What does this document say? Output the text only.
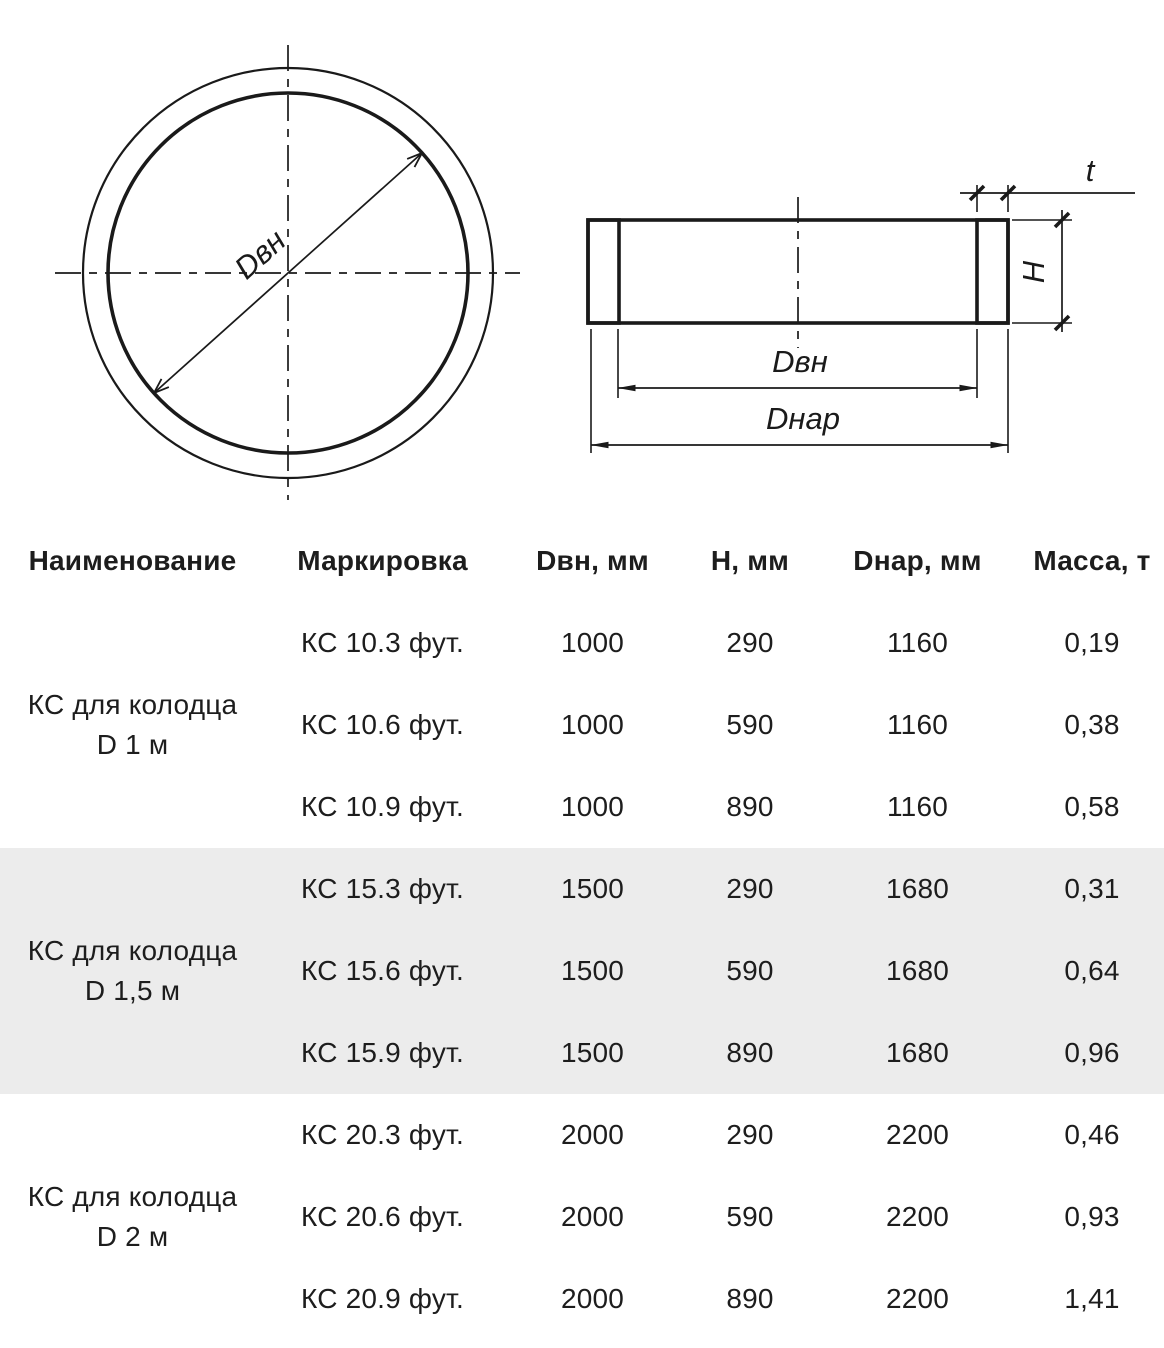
Dвн
t
H
Dвн
Dнар
Наименование	Маркировка	Dвн, мм	Н, мм	Dнар, мм	Масса, т

КС для колодца
D 1 м	КС 10.3 фут.	1000	290	1160	0,19
	КС 10.6 фут.	1000	590	1160	0,38
	КС 10.9 фут.	1000	890	1160	0,58

КС для колодца
D 1,5 м	КС 15.3 фут.	1500	290	1680	0,31
	КС 15.6 фут.	1500	590	1680	0,64
	КС 15.9 фут.	1500	890	1680	0,96

КС для колодца
D 2 м	КС 20.3 фут.	2000	290	2200	0,46
	КС 20.6 фут.	2000	590	2200	0,93
	КС 20.9 фут.	2000	890	2200	1,41
